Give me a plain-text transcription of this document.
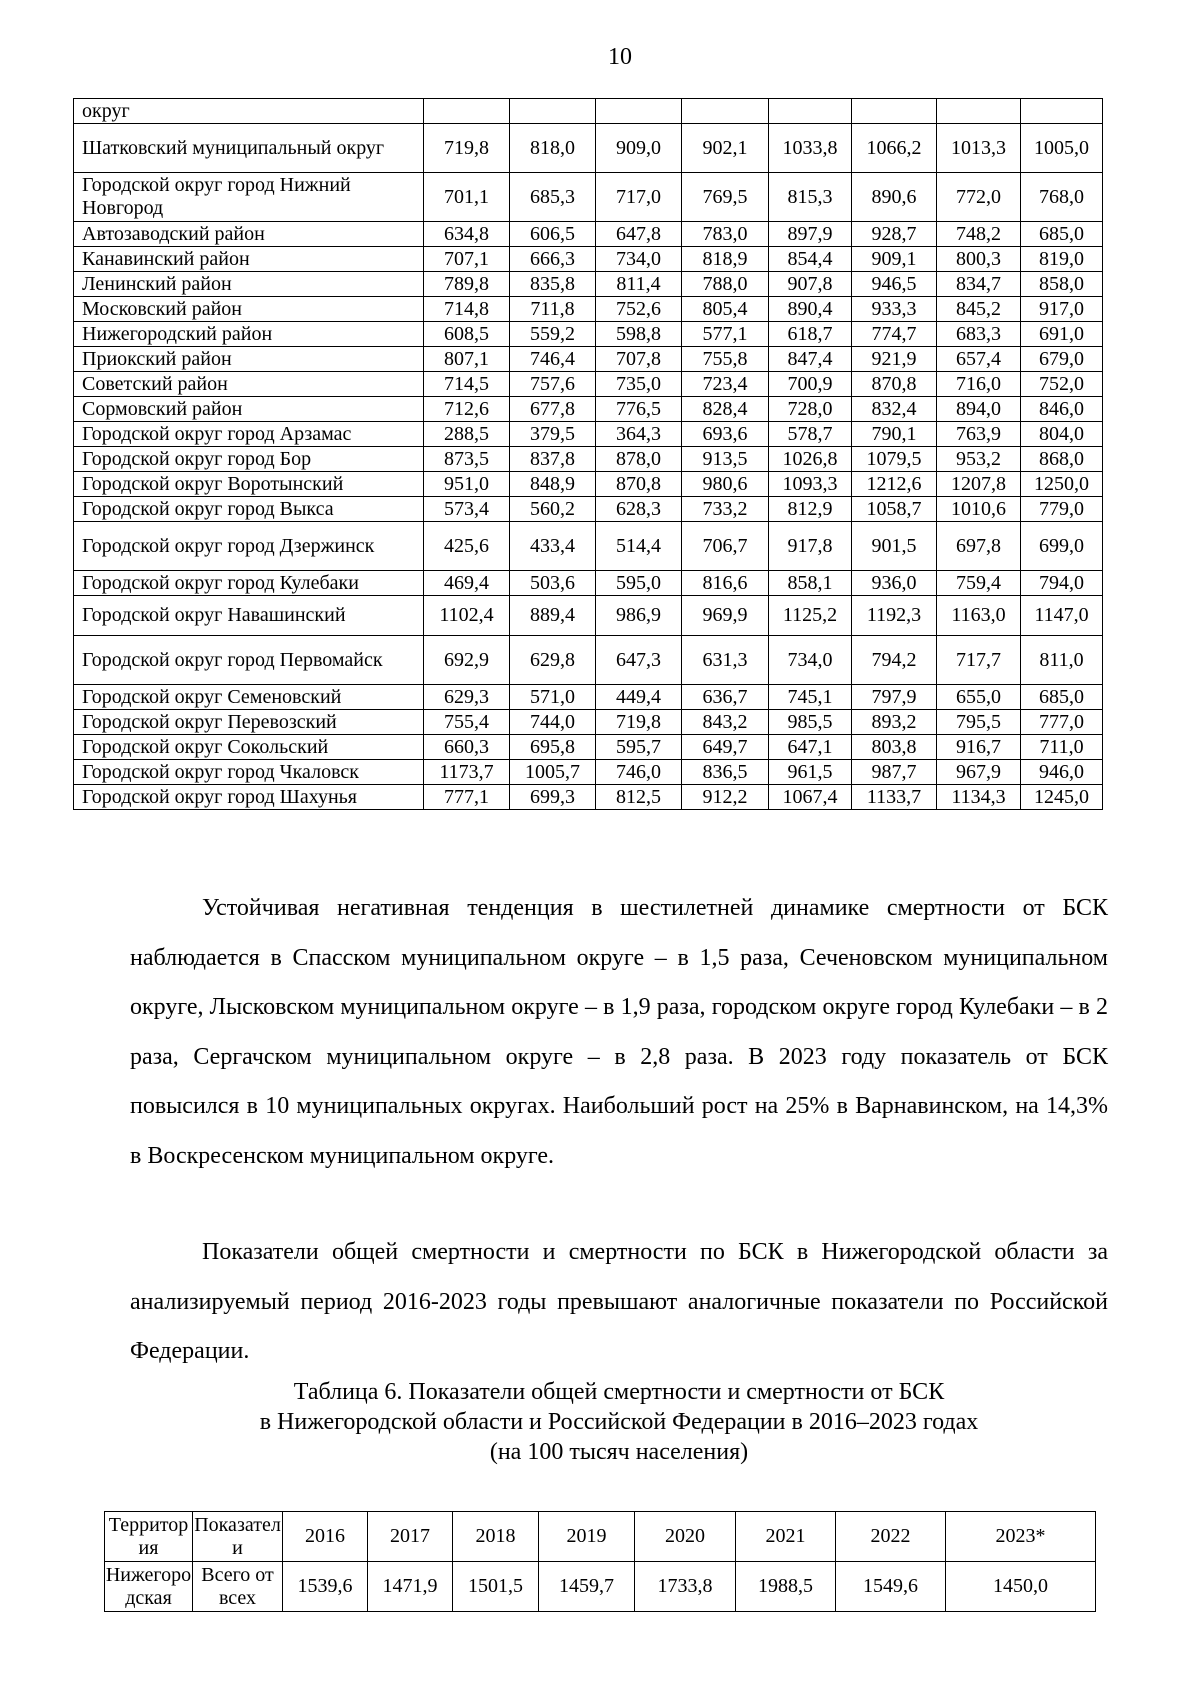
10
округ								
Шатковский муниципальный округ	719,8	818,0	909,0	902,1	1033,8	1066,2	1013,3	1005,0
Городской округ город Нижний Новгород	701,1	685,3	717,0	769,5	815,3	890,6	772,0	768,0
Автозаводский район	634,8	606,5	647,8	783,0	897,9	928,7	748,2	685,0
Канавинский район	707,1	666,3	734,0	818,9	854,4	909,1	800,3	819,0
Ленинский район	789,8	835,8	811,4	788,0	907,8	946,5	834,7	858,0
Московский район	714,8	711,8	752,6	805,4	890,4	933,3	845,2	917,0
Нижегородский район	608,5	559,2	598,8	577,1	618,7	774,7	683,3	691,0
Приокский район	807,1	746,4	707,8	755,8	847,4	921,9	657,4	679,0
Советский район	714,5	757,6	735,0	723,4	700,9	870,8	716,0	752,0
Сормовский район	712,6	677,8	776,5	828,4	728,0	832,4	894,0	846,0
Городской округ город Арзамас	288,5	379,5	364,3	693,6	578,7	790,1	763,9	804,0
Городской округ город Бор	873,5	837,8	878,0	913,5	1026,8	1079,5	953,2	868,0
Городской округ Воротынский	951,0	848,9	870,8	980,6	1093,3	1212,6	1207,8	1250,0
Городской округ город Выкса	573,4	560,2	628,3	733,2	812,9	1058,7	1010,6	779,0
Городской округ город Дзержинск	425,6	433,4	514,4	706,7	917,8	901,5	697,8	699,0
Городской округ город Кулебаки	469,4	503,6	595,0	816,6	858,1	936,0	759,4	794,0
Городской округ Навашинский	1102,4	889,4	986,9	969,9	1125,2	1192,3	1163,0	1147,0
Городской округ город Первомайск	692,9	629,8	647,3	631,3	734,0	794,2	717,7	811,0
Городской округ Семеновский	629,3	571,0	449,4	636,7	745,1	797,9	655,0	685,0
Городской округ Перевозский	755,4	744,0	719,8	843,2	985,5	893,2	795,5	777,0
Городской округ Сокольский	660,3	695,8	595,7	649,7	647,1	803,8	916,7	711,0
Городской округ город Чкаловск	1173,7	1005,7	746,0	836,5	961,5	987,7	967,9	946,0
Городской округ город Шахунья	777,1	699,3	812,5	912,2	1067,4	1133,7	1134,3	1245,0

Устойчивая негативная тенденция в шестилетней динамике смертности от БСК наблюдается в Спасском муниципальном округе – в 1,5 раза, Сеченовском муниципальном округе, Лысковском муниципальном округе – в 1,9 раза, городском округе город Кулебаки – в 2 раза, Сергачском муниципальном округе – в 2,8 раза. В 2023 году показатель от БСК повысился в 10 муниципальных округах. Наибольший рост на 25% в Варнавинском, на 14,3% в Воскресенском муниципальном округе.

Показатели общей смертности и смертности по БСК в Нижегородской области за анализируемый период 2016-2023 годы превышают аналогичные показатели по Российской Федерации.

Таблица 6. Показатели общей смертности и смертности от БСК
в Нижегородской области и Российской Федерации в 2016–2023 годах
(на 100 тысяч населения)
Территория	Показатели	2016	2017	2018	2019	2020	2021	2022	2023*
Нижегородская	Всего от всех	1539,6	1471,9	1501,5	1459,7	1733,8	1988,5	1549,6	1450,0
